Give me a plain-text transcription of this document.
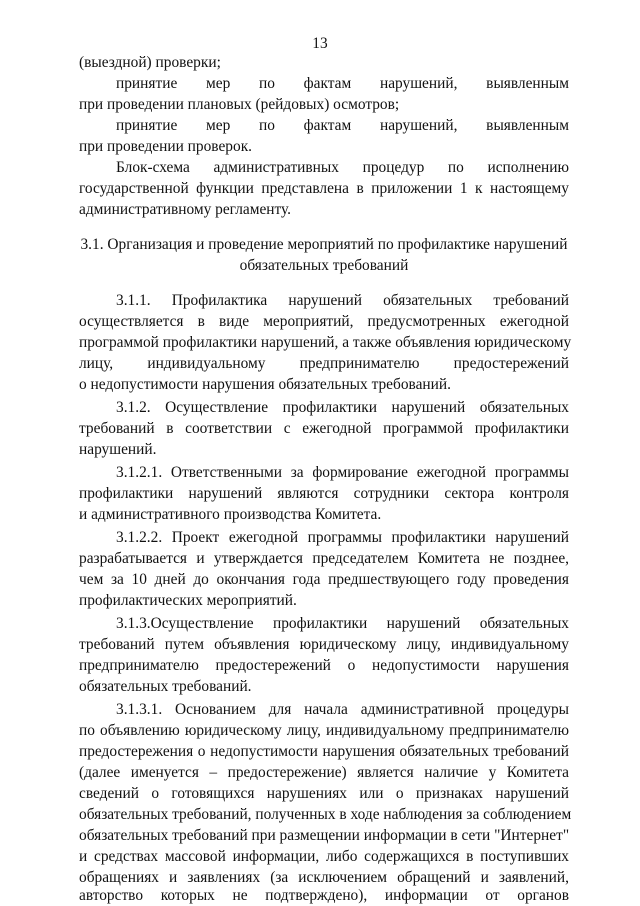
13
(выездной) проверки;
принятие мер по фактам нарушений, выявленным
при проведении плановых (рейдовых) осмотров;
принятие мер по фактам нарушений, выявленным
при проведении проверок.
Блок-схема административных процедур по исполнению
государственной функции представлена в приложении 1 к настоящему
административному регламенту.
3.1. Организация и проведение мероприятий по профилактике нарушений
обязательных требований
3.1.1. Профилактика нарушений обязательных требований
осуществляется в виде мероприятий, предусмотренных ежегодной
программой профилактики нарушений, а также объявления юридическому
лицу, индивидуальному предпринимателю предостережений
о недопустимости нарушения обязательных требований.
3.1.2. Осуществление профилактики нарушений обязательных
требований в соответствии с ежегодной программой профилактики
нарушений.
3.1.2.1. Ответственными за формирование ежегодной программы
профилактики нарушений являются сотрудники сектора контроля
и административного производства Комитета.
3.1.2.2. Проект ежегодной программы профилактики нарушений
разрабатывается и утверждается председателем Комитета не позднее,
чем за 10 дней до окончания года предшествующего году проведения
профилактических мероприятий.
3.1.3.Осуществление профилактики нарушений обязательных
требований путем объявления юридическому лицу, индивидуальному
предпринимателю предостережений о недопустимости нарушения
обязательных требований.
3.1.3.1. Основанием для начала административной процедуры
по объявлению юридическому лицу, индивидуальному предпринимателю
предостережения о недопустимости нарушения обязательных требований
(далее именуется – предостережение) является наличие у Комитета
сведений о готовящихся нарушениях или о признаках нарушений
обязательных требований, полученных в ходе наблюдения за соблюдением
обязательных требований при размещении информации в сети "Интернет"
и средствах массовой информации, либо содержащихся в поступивших
обращениях и заявлениях (за исключением обращений и заявлений,
авторство которых не подтверждено), информации от органов
